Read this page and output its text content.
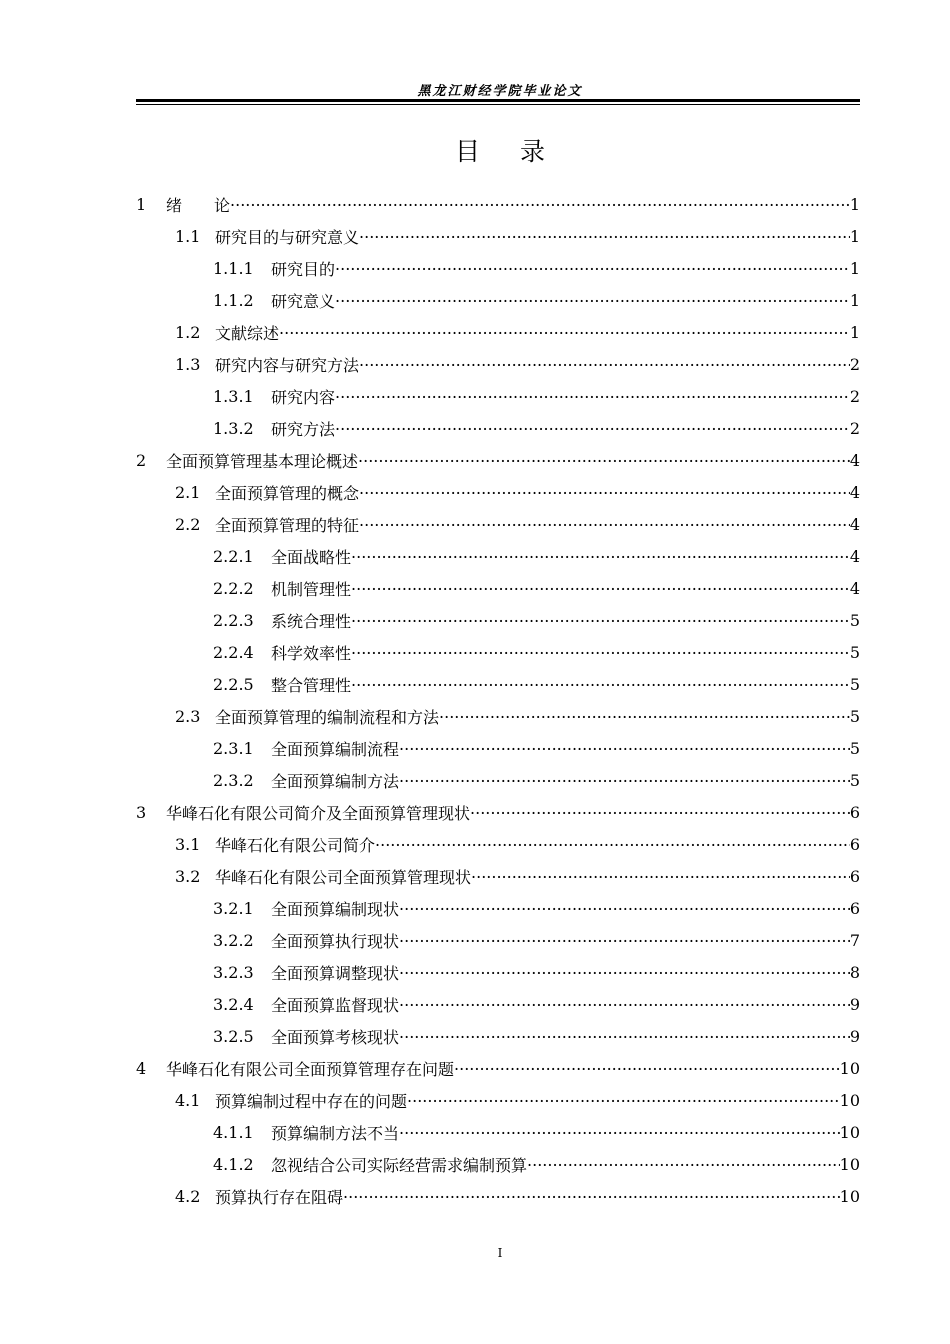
黑龙江财经学院毕业论文
目 录
1	绪　　论 .....	1
1.1 研究目的与研究意义 .....	1
1.1.1	研究目的 .....	1
1.1.2	研究意义 .....	1
1.2 文献综述 .....	1
1.3 研究内容与研究方法 .....	2
1.3.1	研究内容 .....	2
1.3.2	研究方法 .....	2
2	全面预算管理基本理论概述 .....	4
2.1 全面预算管理的概念 .....	4
2.2 全面预算管理的特征 .....	4
2.2.1	全面战略性 .....	4
2.2.2	机制管理性 .....	4
2.2.3	系统合理性 .....	5
2.2.4	科学效率性 .....	5
2.2.5	整合管理性 .....	5
2.3 全面预算管理的编制流程和方法 .....	5
2.3.1	全面预算编制流程 .....	5
2.3.2	全面预算编制方法 .....	5
3	华峰石化有限公司简介及全面预算管理现状 .....	6
3.1 华峰石化有限公司简介 .....	6
3.2 华峰石化有限公司全面预算管理现状 .....	6
3.2.1	全面预算编制现状 .....	6
3.2.2	全面预算执行现状 .....	7
3.2.3	全面预算调整现状 .....	8
3.2.4	全面预算监督现状 .....	9
3.2.5	全面预算考核现状 .....	9
4	华峰石化有限公司全面预算管理存在问题 .....	10
4.1 预算编制过程中存在的问题 .....	10
4.1.1	预算编制方法不当 .....	10
4.1.2	忽视结合公司实际经营需求编制预算 .....	10
4.2 预算执行存在阻碍 .....	10
I
